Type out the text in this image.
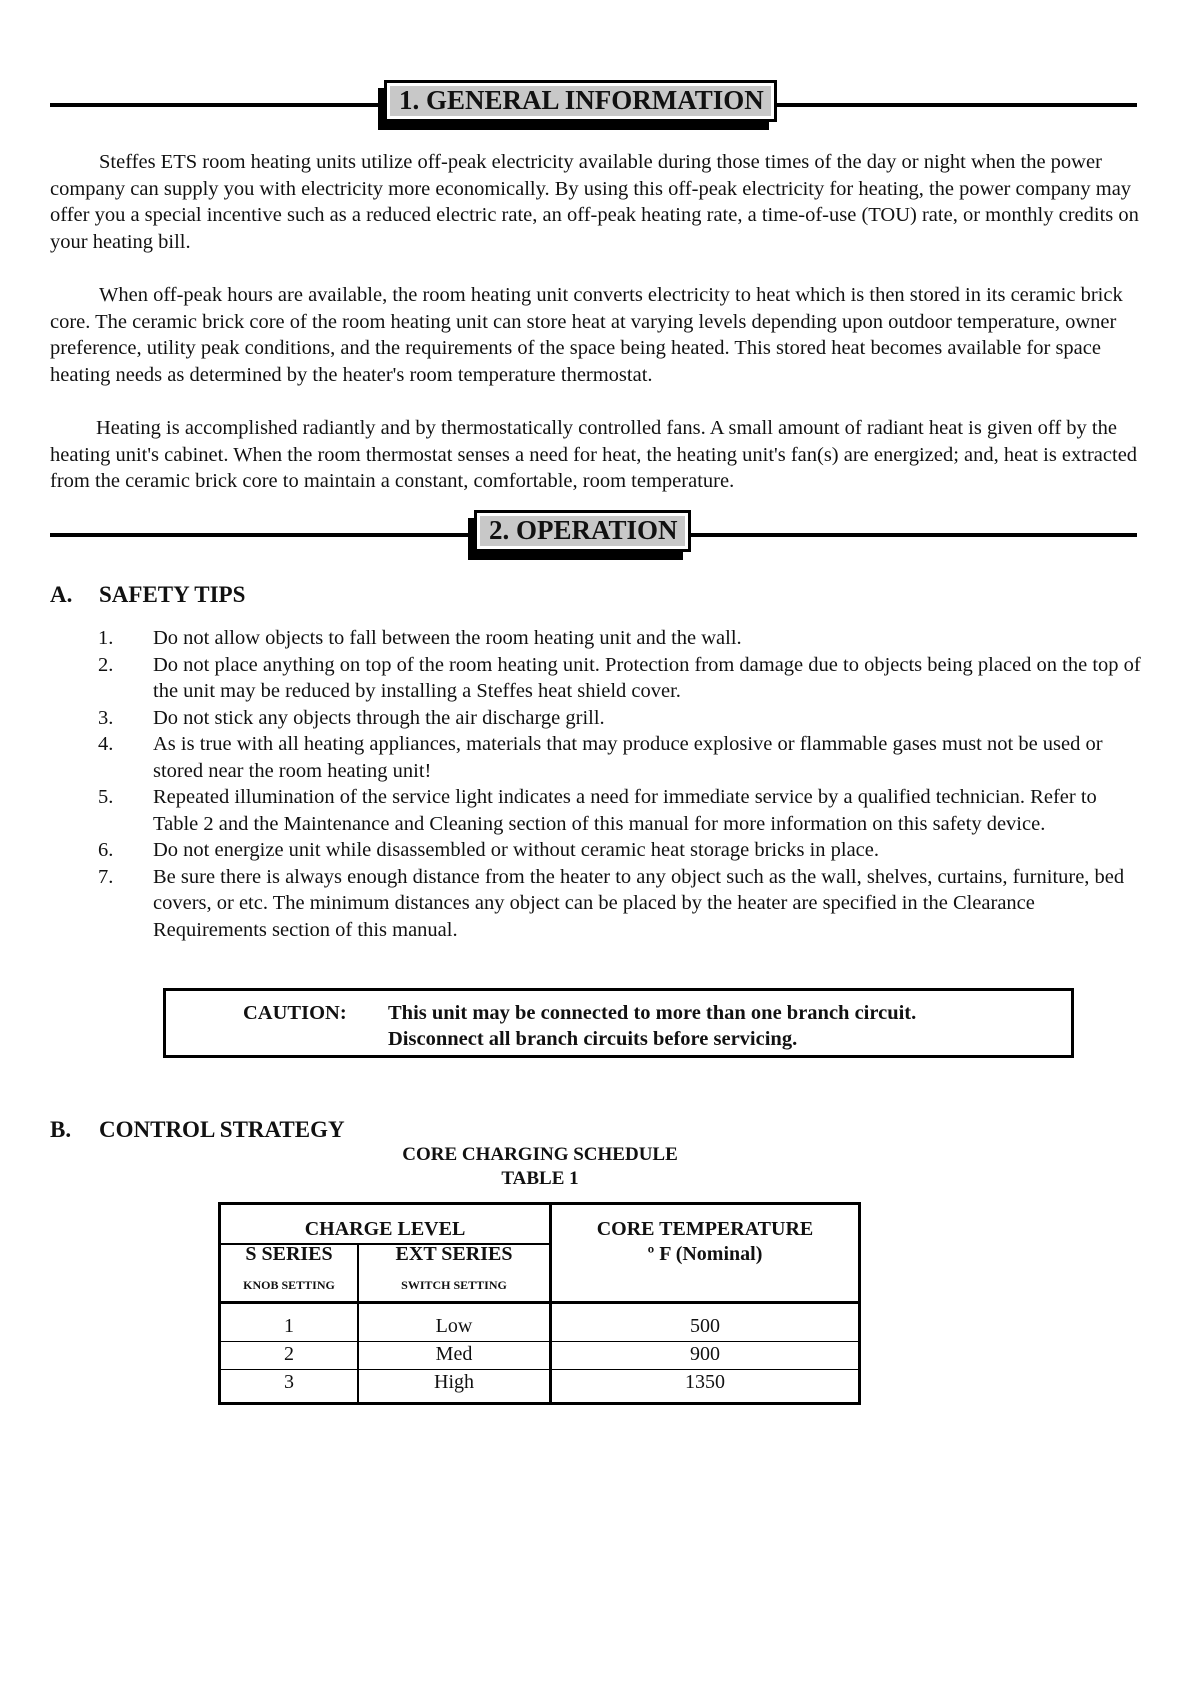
1. GENERAL INFORMATION

Steffes ETS room heating units utilize off-peak electricity available during those times of the day or night when the power company can supply you with electricity more economically. By using this off-peak electricity for heating, the power company may offer you a special incentive such as a reduced electric rate, an off-peak heating rate, a time-of-use (TOU) rate, or monthly credits on your heating bill.

When off-peak hours are available, the room heating unit converts electricity to heat which is then stored in its ceramic brick core. The ceramic brick core of the room heating unit can store heat at varying levels depending upon outdoor temperature, owner preference, utility peak conditions, and the requirements of the space being heated. This stored heat becomes available for space heating needs as determined by the heater's room temperature thermostat.

Heating is accomplished radiantly and by thermostatically controlled fans. A small amount of radiant heat is given off by the heating unit's cabinet. When the room thermostat senses a need for heat, the heating unit's fan(s) are energized; and, heat is extracted from the ceramic brick core to maintain a constant, comfortable, room temperature.

2. OPERATION
A. SAFETY TIPS
1.	Do not allow objects to fall between the room heating unit and the wall.
2.	Do not place anything on top of the room heating unit. Protection from damage due to objects being placed on the top of the unit may be reduced by installing a Steffes heat shield cover.
3.	Do not stick any objects through the air discharge grill.
4.	As is true with all heating appliances, materials that may produce explosive or flammable gases must not be used or stored near the room heating unit!
5.	Repeated illumination of the service light indicates a need for immediate service by a qualified technician. Refer to Table 2 and the Maintenance and Cleaning section of this manual for more information on this safety device.
6.	Do not energize unit while disassembled or without ceramic heat storage bricks in place.
7.	Be sure there is always enough distance from the heater to any object such as the wall, shelves, curtains, furniture, bed covers, or etc. The minimum distances any object can be placed by the heater are specified in the Clearance Requirements section of this manual.
CAUTION: This unit may be connected to more than one branch circuit.
Disconnect all branch circuits before servicing.
B. CONTROL STRATEGY
CORE CHARGING SCHEDULE
TABLE 1
CHARGE LEVEL
S SERIES	EXT SERIES
KNOB SETTING	SWITCH SETTING
CORE TEMPERATURE
º F (Nominal)
1	Low	500
2	Med	900
3	High	1350
